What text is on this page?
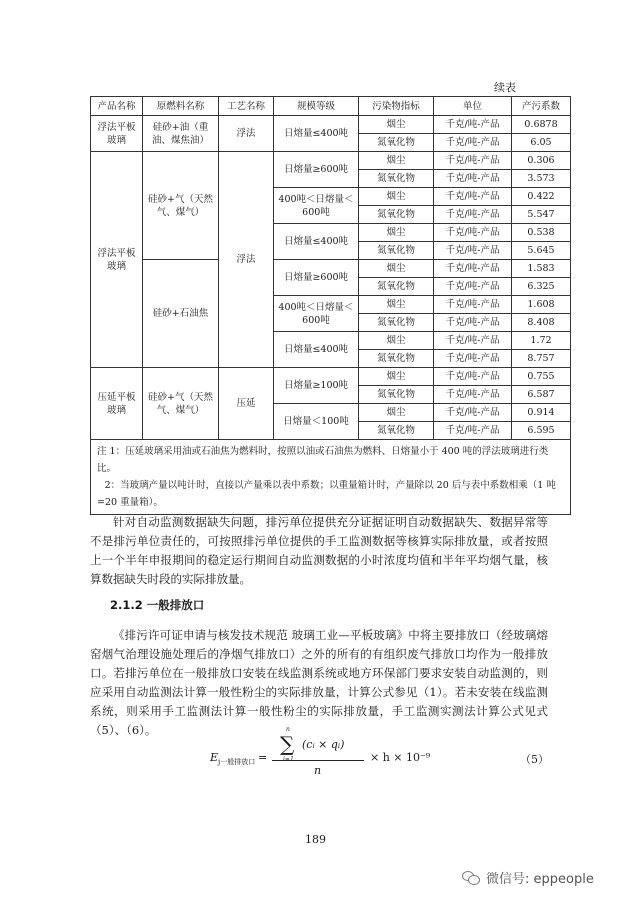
续表
产品名称	原燃料名称	工艺名称	规模等级	污染物指标	单位	产污系数
浮法平板玻璃	硅砂+油（重油、煤焦油）	浮法	日熔量≤400吨	烟尘	千克/吨-产品	0.6878
				氮氧化物	千克/吨-产品	6.05
浮法平板玻璃	硅砂+气（天然气、煤气）	浮法	日熔量≥600吨	烟尘	千克/吨-产品	0.306
				氮氧化物	千克/吨-产品	3.573
			400吨＜日熔量＜600吨	烟尘	千克/吨-产品	0.422
				氮氧化物	千克/吨-产品	5.547
			日熔量≤400吨	烟尘	千克/吨-产品	0.538
				氮氧化物	千克/吨-产品	5.645
	硅砂+石油焦		日熔量≥600吨	烟尘	千克/吨-产品	1.583
				氮氧化物	千克/吨-产品	6.325
			400吨＜日熔量＜600吨	烟尘	千克/吨-产品	1.608
				氮氧化物	千克/吨-产品	8.408
			日熔量≤400吨	烟尘	千克/吨-产品	1.72
				氮氧化物	千克/吨-产品	8.757
压延平板玻璃	硅砂+气（天然气、煤气）	压延	日熔量≥100吨	烟尘	千克/吨-产品	0.755
				氮氧化物	千克/吨-产品	6.587
			日熔量＜100吨	烟尘	千克/吨-产品	0.914
				氮氧化物	千克/吨-产品	6.595

注 1：压延玻璃采用油或石油焦为燃料时，按照以油或石油焦为燃料、日熔量小于 400 吨的浮法玻璃进行类比。

2：当玻璃产量以吨计时，直接以产量乘以表中系数；以重量箱计时，产量除以 20 后与表中系数相乘（1 吨=20 重量箱）。						

针对自动监测数据缺失问题，排污单位提供充分证据证明自动数据缺失、数据异常等不是排污单位责任的，可按照排污单位提供的手工监测数据等核算实际排放量，或者按照上一个半年申报期间的稳定运行期间自动监测数据的小时浓度均值和半年平均烟气量，核算数据缺失时段的实际排放量。

2.1.2 一般排放口

《排污许可证申请与核发技术规范 玻璃工业—平板玻璃》中将主要排放口（经玻璃熔窑烟气治理设施处理后的净烟气排放口）之外的所有的有组织废气排放口均作为一般排放口。若排污单位在一般排放口安装在线监测系统或地方环保部门要求安装自动监测的，则应采用自动监测法计算一般性粉尘的实际排放量，计算公式参见（1）。若未安装在线监测系统，则采用手工监测法计算一般性粉尘的实际排放量，手工监测实测法计算公式见式（5）、（6）。

$E_{j一般排放口}$ =
n
∑
i=1
(cᵢ × qᵢ)
n
× h × 10⁻⁹	（5）
189
微信号: eppeople
